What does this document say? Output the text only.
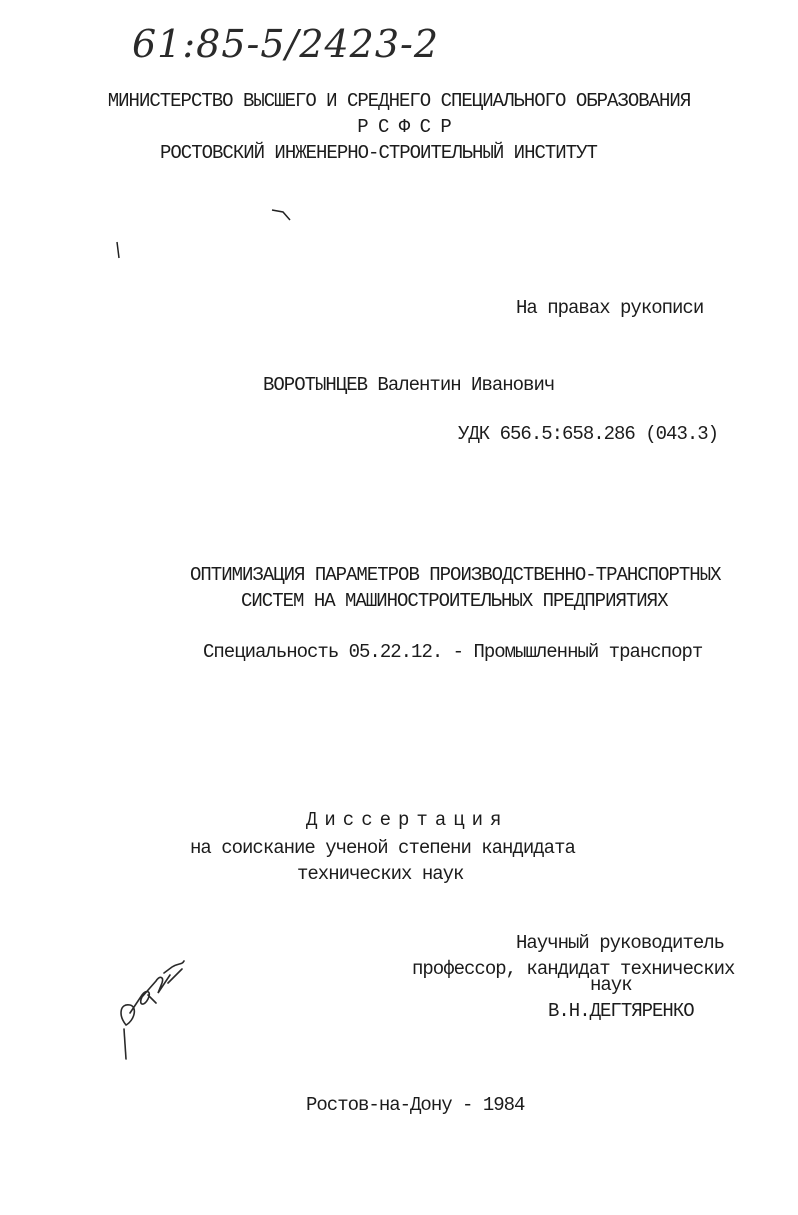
61:85-5/2423-2
МИНИСТЕРСТВО ВЫСШЕГО И СРЕДНЕГО СПЕЦИАЛЬНОГО ОБРАЗОВАНИЯ
Р С Ф С Р
РОСТОВСКИЙ ИНЖЕНЕРНО-СТРОИТЕЛЬНЫЙ ИНСТИТУТ
На правах рукописи
ВОРОТЫНЦЕВ Валентин Иванович
УДК 656.5:658.286 (043.3)
ОПТИМИЗАЦИЯ ПАРАМЕТРОВ ПРОИЗВОДСТВЕННО-ТРАНСПОРТНЫХ
СИСТЕМ НА МАШИНОСТРОИТЕЛЬНЫХ ПРЕДПРИЯТИЯХ
Специальность 05.22.12. - Промышленный транспорт
Диссертация
на соискание ученой степени кандидата
технических наук
Научный руководитель
профессор, кандидат технических
наук
В.Н.ДЕГТЯРЕНКО
Ростов-на-Дону - 1984
